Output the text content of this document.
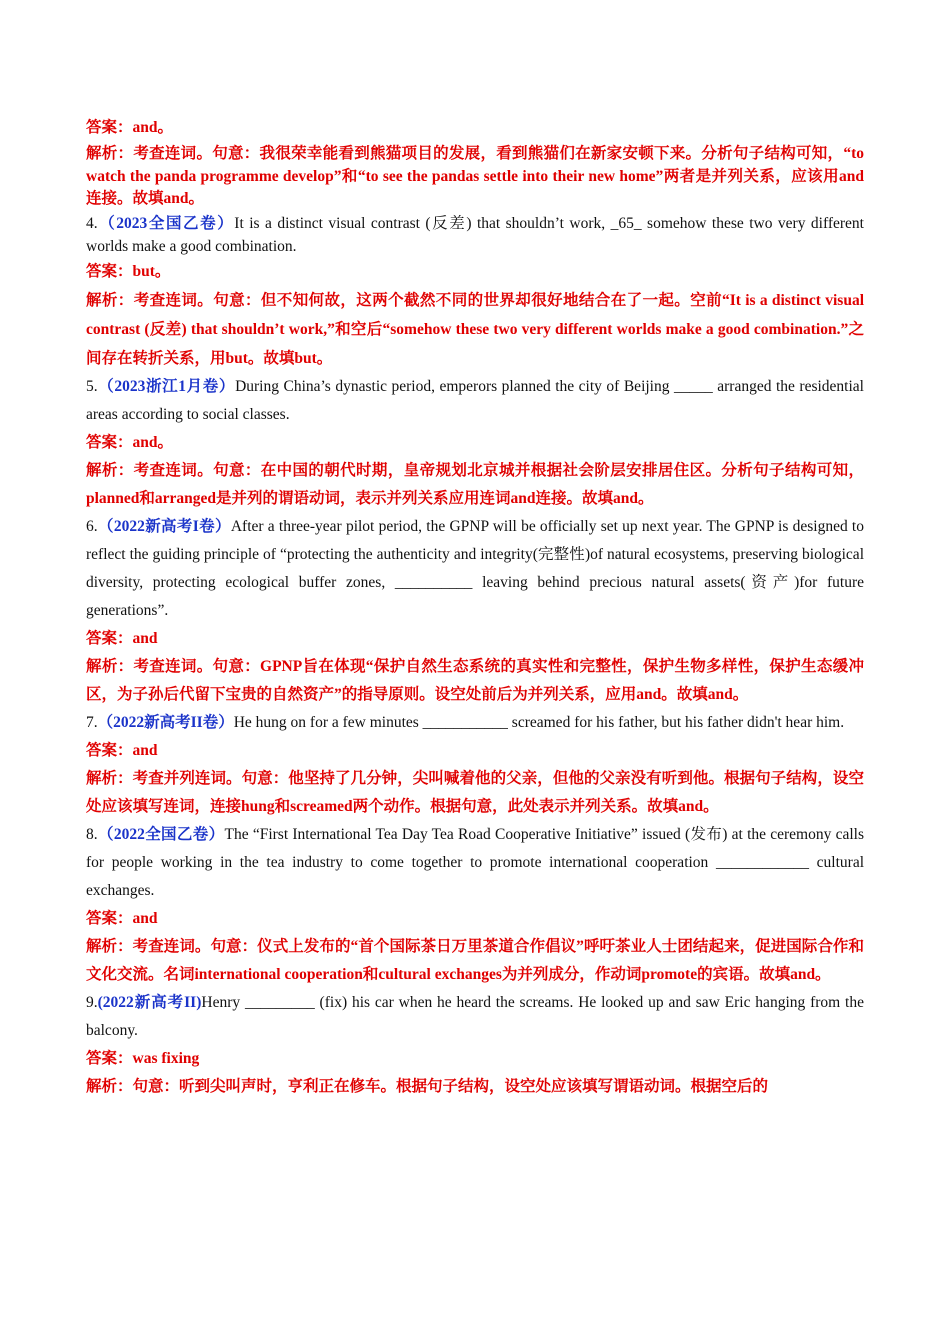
答案：and。
解析：考查连词。句意：我很荣幸能看到熊猫项目的发展，看到熊猫们在新家安顿下来。分析句子结构可知，“to watch the panda programme develop”和“to see the pandas settle into their new home”两者是并列关系，应该用and连接。故填and。
4.（2023全国乙卷）It is a distinct visual contrast (反差) that shouldn’t work, _65_ somehow these two very different worlds make a good combination.
答案：but。
解析：考查连词。句意：但不知何故，这两个截然不同的世界却很好地结合在了一起。空前“It is a distinct visual contrast (反差) that shouldn’t work,”和空后“somehow these two very different worlds make a good combination.”之间存在转折关系，用but。故填but。
5.（2023浙江1月卷）During China’s dynastic period, emperors planned the city of Beijing _____ arranged the residential areas according to social classes.
答案：and。
解析：考查连词。句意：在中国的朝代时期，皇帝规划北京城并根据社会阶层安排居住区。分析句子结构可知，planned和arranged是并列的谓语动词，表示并列关系应用连词and连接。故填and。
6.（2022新高考I卷）After a three-year pilot period, the GPNP will be officially set up next year. The GPNP is designed to reflect the guiding principle of “protecting the authenticity and integrity(完整性)of natural ecosystems, preserving biological diversity, protecting ecological buffer zones, __________ leaving behind precious natural assets(资产)for future generations”.
答案：and
解析：考查连词。句意：GPNP旨在体现“保护自然生态系统的真实性和完整性，保护生物多样性，保护生态缓冲区，为子孙后代留下宝贵的自然资产”的指导原则。设空处前后为并列关系，应用and。故填and。
7.（2022新高考II卷）He hung on for a few minutes ___________ screamed for his father, but his father didn't hear him.
答案：and
解析：考查并列连词。句意：他坚持了几分钟，尖叫喊着他的父亲，但他的父亲没有听到他。根据句子结构，设空处应该填写连词，连接hung和screamed两个动作。根据句意，此处表示并列关系。故填and。
8.（2022全国乙卷）The “First International Tea Day Tea Road Cooperative Initiative” issued (发布) at the ceremony calls for people working in the tea industry to come together to promote international cooperation ____________ cultural exchanges.
答案：and
解析：考查连词。句意：仪式上发布的“首个国际茶日万里茶道合作倡议”呼吁茶业人士团结起来，促进国际合作和文化交流。名词international cooperation和cultural exchanges为并列成分，作动词promote的宾语。故填and。
9.(2022新高考II)Henry _________ (fix) his car when he heard the screams. He looked up and saw Eric hanging from the balcony.
答案：was fixing
解析：句意：听到尖叫声时，亨利正在修车。根据句子结构，设空处应该填写谓语动词。根据空后的
